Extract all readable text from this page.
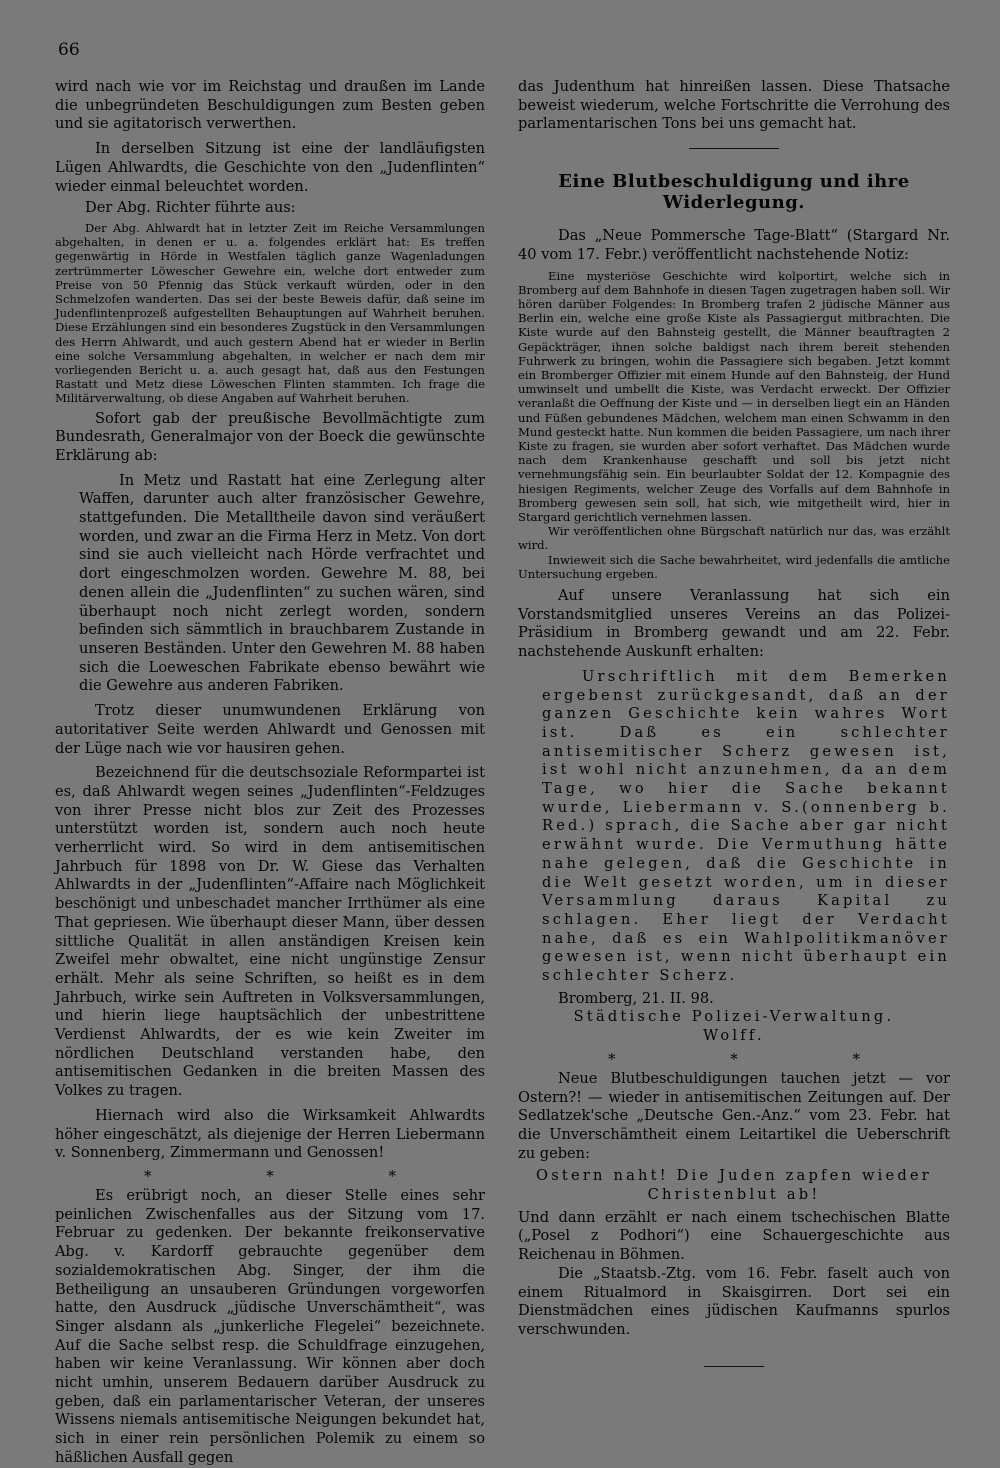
66

wird nach wie vor im Reichstag und draußen im Lande die unbegründeten Beschuldigungen zum Besten geben und sie agitatorisch verwerthen.

In derselben Sitzung ist eine der landläufigsten Lügen Ahlwardts, die Geschichte von den „Judenflinten“ wieder einmal beleuchtet worden.

Der Abg. Richter führte aus:

Der Abg. Ahlwardt hat in letzter Zeit im Reiche Versammlungen abgehalten, in denen er u. a. folgendes erklärt hat: Es treffen gegenwärtig in Hörde in Westfalen täglich ganze Wagenladungen zertrümmerter Löwescher Gewehre ein, welche dort entweder zum Preise von 50 Pfennig das Stück verkauft würden, oder in den Schmelzofen wanderten. Das sei der beste Beweis dafür, daß seine im Judenflintenprozeß aufgestellten Behauptungen auf Wahrheit beruhen. Diese Erzählungen sind ein besonderes Zugstück in den Versammlungen des Herrn Ahlwardt, und auch gestern Abend hat er wieder in Berlin eine solche Versammlung abgehalten, in welcher er nach dem mir vorliegenden Bericht u. a. auch gesagt hat, daß aus den Festungen Rastatt und Metz diese Löweschen Flinten stammten. Ich frage die Militärverwaltung, ob diese Angaben auf Wahrheit beruhen.

Sofort gab der preußische Bevollmächtigte zum Bundesrath, Generalmajor von der Boeck die gewünschte Erklärung ab:

In Metz und Rastatt hat eine Zerlegung alter Waffen, darunter auch alter französischer Gewehre, stattgefunden. Die Metalltheile davon sind veräußert worden, und zwar an die Firma Herz in Metz. Von dort sind sie auch vielleicht nach Hörde verfrachtet und dort eingeschmolzen worden. Gewehre M. 88, bei denen allein die „Judenflinten“ zu suchen wären, sind überhaupt noch nicht zerlegt worden, sondern befinden sich sämmtlich in brauchbarem Zustande in unseren Beständen. Unter den Gewehren M. 88 haben sich die Loeweschen Fabrikate ebenso bewährt wie die Gewehre aus anderen Fabriken.

Trotz dieser unumwundenen Erklärung von autoritativer Seite werden Ahlwardt und Genossen mit der Lüge nach wie vor hausiren gehen.

Bezeichnend für die deutschsoziale Reformpartei ist es, daß Ahlwardt wegen seines „Judenflinten“-Feldzuges von ihrer Presse nicht blos zur Zeit des Prozesses unterstützt worden ist, sondern auch noch heute verherrlicht wird. So wird in dem antisemitischen Jahrbuch für 1898 von Dr. W. Giese das Verhalten Ahlwardts in der „Judenflinten“-Affaire nach Möglichkeit beschönigt und unbeschadet mancher Irrthümer als eine That gepriesen. Wie überhaupt dieser Mann, über dessen sittliche Qualität in allen anständigen Kreisen kein Zweifel mehr obwaltet, eine nicht ungünstige Zensur erhält. Mehr als seine Schriften, so heißt es in dem Jahrbuch, wirke sein Auftreten in Volksversammlungen, und hierin liege hauptsächlich der unbestrittene Verdienst Ahlwardts, der es wie kein Zweiter im nördlichen Deutschland verstanden habe, den antisemitischen Gedanken in die breiten Massen des Volkes zu tragen.

Hiernach wird also die Wirksamkeit Ahlwardts höher eingeschätzt, als diejenige der Herren Liebermann v. Sonnenberg, Zimmermann und Genossen!

* * *

Es erübrigt noch, an dieser Stelle eines sehr peinlichen Zwischenfalles aus der Sitzung vom 17. Februar zu gedenken. Der bekannte freikonservative Abg. v. Kardorff gebrauchte gegenüber dem sozialdemokratischen Abg. Singer, der ihm die Betheiligung an unsauberen Gründungen vorgeworfen hatte, den Ausdruck „jüdische Unverschämtheit“, was Singer alsdann als „junkerliche Flegelei“ bezeichnete. Auf die Sache selbst resp. die Schuldfrage einzugehen, haben wir keine Veranlassung. Wir können aber doch nicht umhin, unserem Bedauern darüber Ausdruck zu geben, daß ein parlamentarischer Veteran, der unseres Wissens niemals antisemitische Neigungen bekundet hat, sich in einer rein persönlichen Polemik zu einem so häßlichen Ausfall gegen

das Judenthum hat hinreißen lassen. Diese Thatsache beweist wiederum, welche Fortschritte die Verrohung des parlamentarischen Tons bei uns gemacht hat.

Eine Blutbeschuldigung und ihre Widerlegung.

Das „Neue Pommersche Tage-Blatt“ (Stargard Nr. 40 vom 17. Febr.) veröffentlicht nachstehende Notiz:

Eine mysteriöse Geschichte wird kolportirt, welche sich in Bromberg auf dem Bahnhofe in diesen Tagen zugetragen haben soll. Wir hören darüber Folgendes: In Bromberg trafen 2 jüdische Männer aus Berlin ein, welche eine große Kiste als Passagiergut mitbrachten. Die Kiste wurde auf den Bahnsteig gestellt, die Männer beauftragten 2 Gepäckträger, ihnen solche baldigst nach ihrem bereit stehenden Fuhrwerk zu bringen, wohin die Passagiere sich begaben. Jetzt kommt ein Bromberger Offizier mit einem Hunde auf den Bahnsteig, der Hund umwinselt und umbellt die Kiste, was Verdacht erweckt. Der Offizier veranlaßt die Oeffnung der Kiste und — in derselben liegt ein an Händen und Füßen gebundenes Mädchen, welchem man einen Schwamm in den Mund gesteckt hatte. Nun kommen die beiden Passagiere, um nach ihrer Kiste zu fragen, sie wurden aber sofort verhaftet. Das Mädchen wurde nach dem Krankenhause geschafft und soll bis jetzt nicht vernehmungsfähig sein. Ein beurlaubter Soldat der 12. Kompagnie des hiesigen Regiments, welcher Zeuge des Vorfalls auf dem Bahnhofe in Bromberg gewesen sein soll, hat sich, wie mitgetheilt wird, hier in Stargard gerichtlich vernehmen lassen.

Wir veröffentlichen ohne Bürgschaft natürlich nur das, was erzählt wird.

Inwieweit sich die Sache bewahrheitet, wird jedenfalls die amtliche Untersuchung ergeben.

Auf unsere Veranlassung hat sich ein Vorstandsmitglied unseres Vereins an das Polizei-Präsidium in Bromberg gewandt und am 22. Febr. nachstehende Auskunft erhalten:

Urschriftlich mit dem Bemerken ergebenst zurückgesandt, daß an der ganzen Geschichte kein wahres Wort ist. Daß es ein schlechter antisemitischer Scherz gewesen ist, ist wohl nicht anzunehmen, da an dem Tage, wo hier die Sache bekannt wurde, Liebermann v. S.(onnenberg b. Red.) sprach, die Sache aber gar nicht erwähnt wurde. Die Vermuthung hätte nahe gelegen, daß die Geschichte in die Welt gesetzt worden, um in dieser Versammlung daraus Kapital zu schlagen. Eher liegt der Verdacht nahe, daß es ein Wahlpolitikmanöver gewesen ist, wenn nicht überhaupt ein schlechter Scherz.

Bromberg, 21. II. 98.

Städtische Polizei-Verwaltung.

Wolff.

* * *

Neue Blutbeschuldigungen tauchen jetzt — vor Ostern?! — wieder in antisemitischen Zeitungen auf. Der Sedlatzek'sche „Deutsche Gen.-Anz.“ vom 23. Febr. hat die Unverschämtheit einem Leitartikel die Ueberschrift zu geben:

Ostern naht! Die Juden zapfen wieder Christenblut ab!

Und dann erzählt er nach einem tschechischen Blatte („Posel z Podhori“) eine Schauergeschichte aus Reichenau in Böhmen.

Die „Staatsb.-Ztg. vom 16. Febr. faselt auch von einem Ritualmord in Skaisgirren. Dort sei ein Dienstmädchen eines jüdischen Kaufmanns spurlos verschwunden.
